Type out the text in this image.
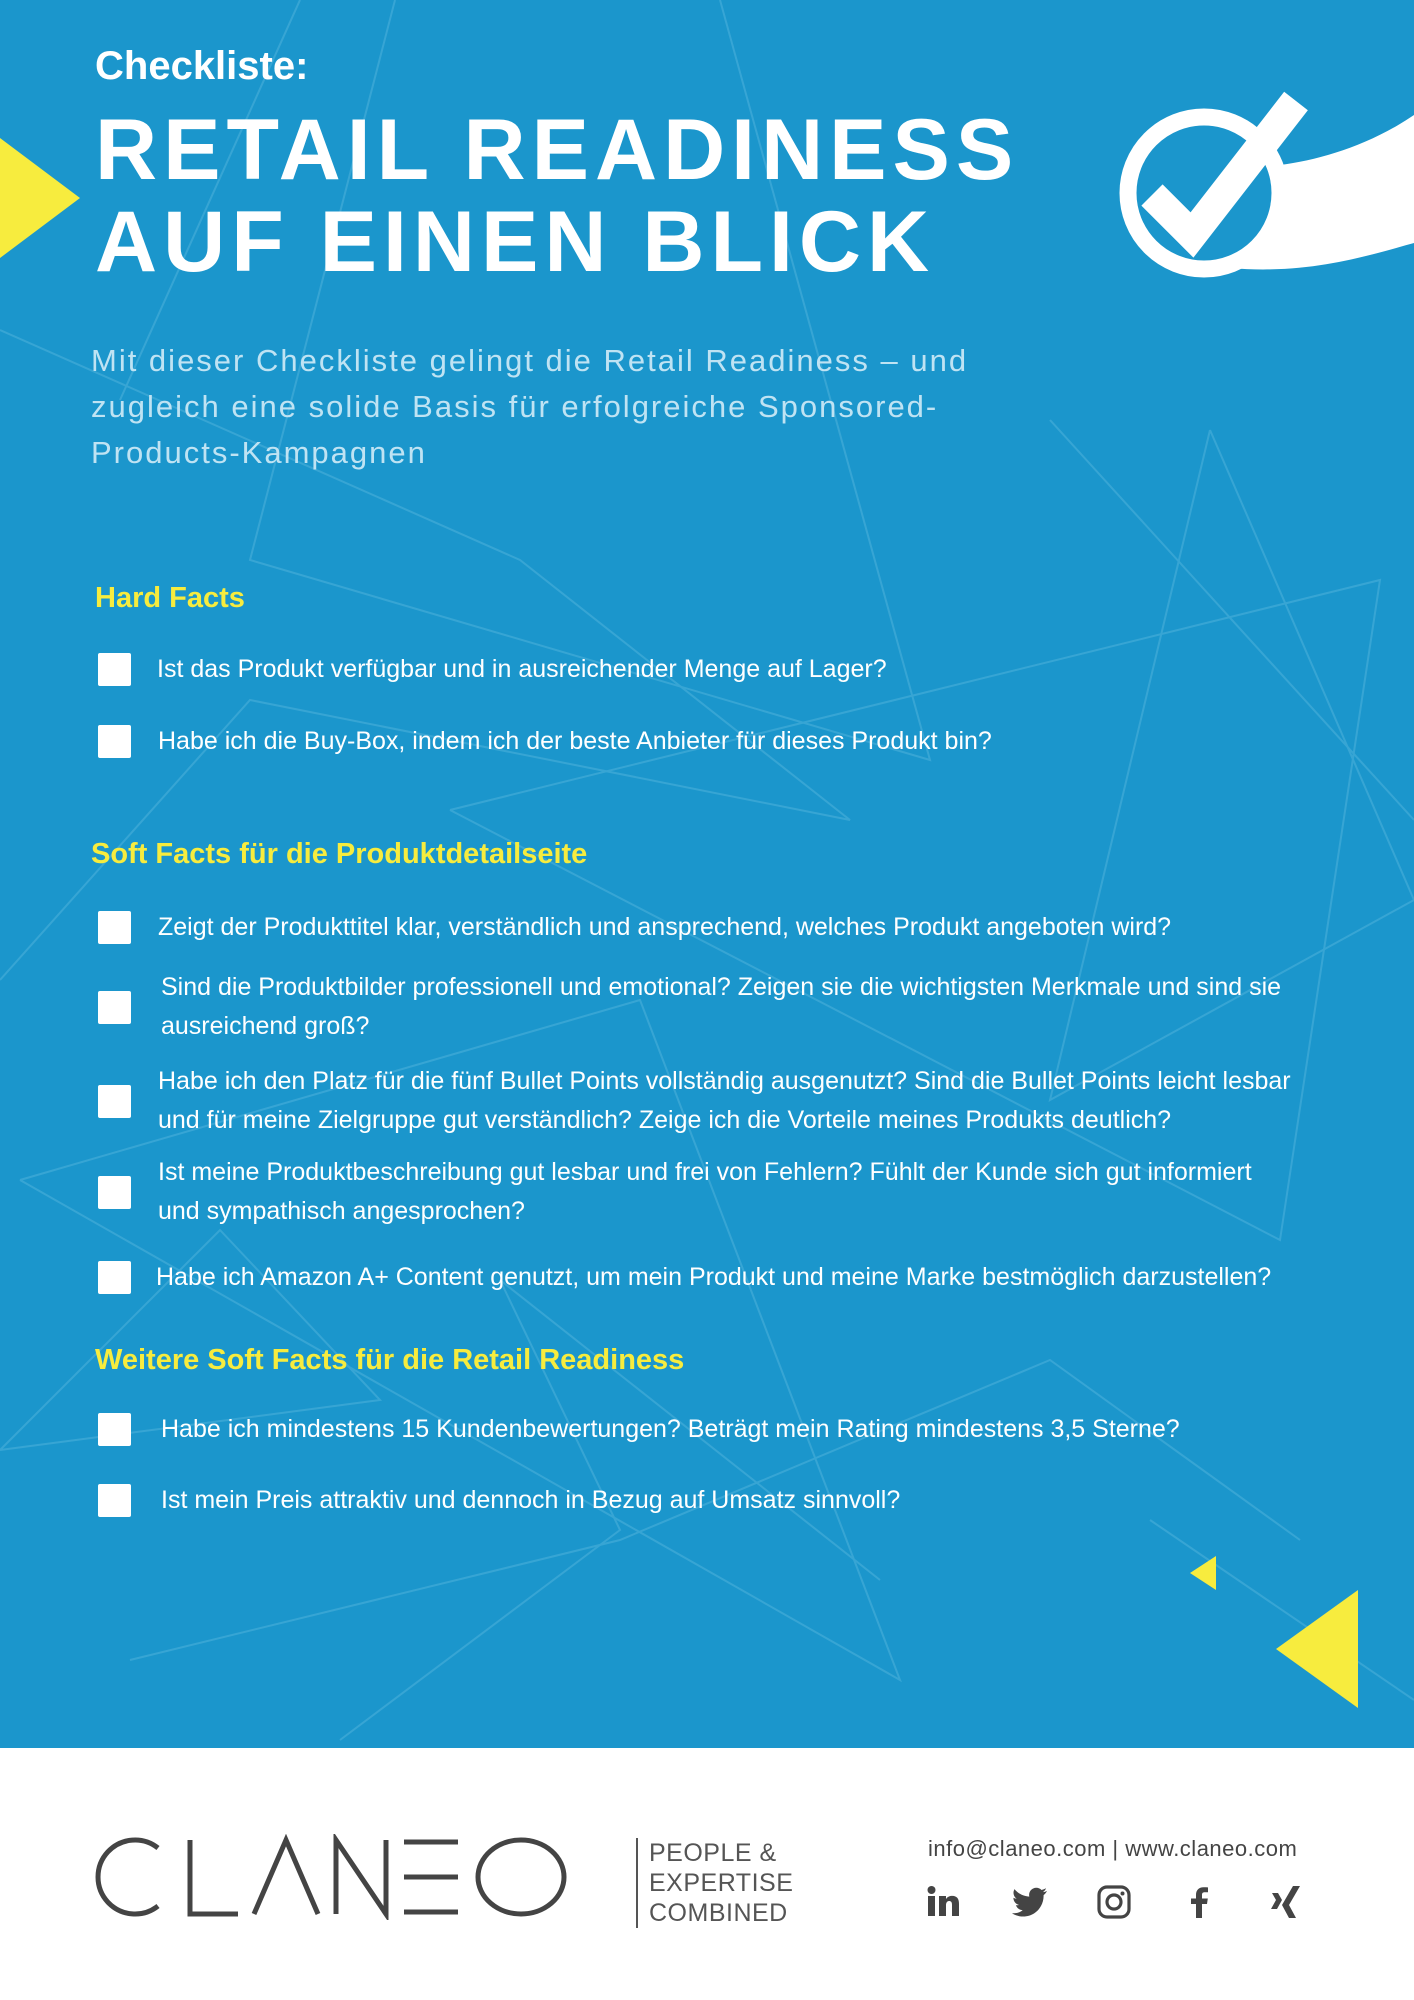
Checkliste:
RETAIL READINESS
AUF EINEN BLICK
Mit dieser Checkliste gelingt die Retail Readiness – und zugleich eine solide Basis für erfolgreiche Sponsored-Products-Kampagnen
Hard Facts
Ist das Produkt verfügbar und in ausreichender Menge auf Lager?
Habe ich die Buy-Box, indem ich der beste Anbieter für dieses Produkt bin?
Soft Facts für die Produktdetailseite
Zeigt der Produkttitel klar, verständlich und ansprechend, welches Produkt angeboten wird?
Sind die Produktbilder professionell und emotional? Zeigen sie die wichtigsten Merkmale und sind sie ausreichend groß?
Habe ich den Platz für die fünf Bullet Points vollständig ausgenutzt? Sind die Bullet Points leicht lesbar und für meine Zielgruppe gut verständlich? Zeige ich die Vorteile meines Produkts deutlich?
Ist meine Produktbeschreibung gut lesbar und frei von Fehlern? Fühlt der Kunde sich gut informiert und sympathisch angesprochen?
Habe ich Amazon A+ Content genutzt, um mein Produkt und meine Marke bestmöglich darzustellen?
Weitere Soft Facts für die Retail Readiness
Habe ich mindestens 15 Kundenbewertungen? Beträgt mein Rating mindestens 3,5 Sterne?
Ist mein Preis attraktiv und dennoch in Bezug auf Umsatz sinnvoll?
PEOPLE &
EXPERTISE
COMBINED
info@claneo.com | www.claneo.com
